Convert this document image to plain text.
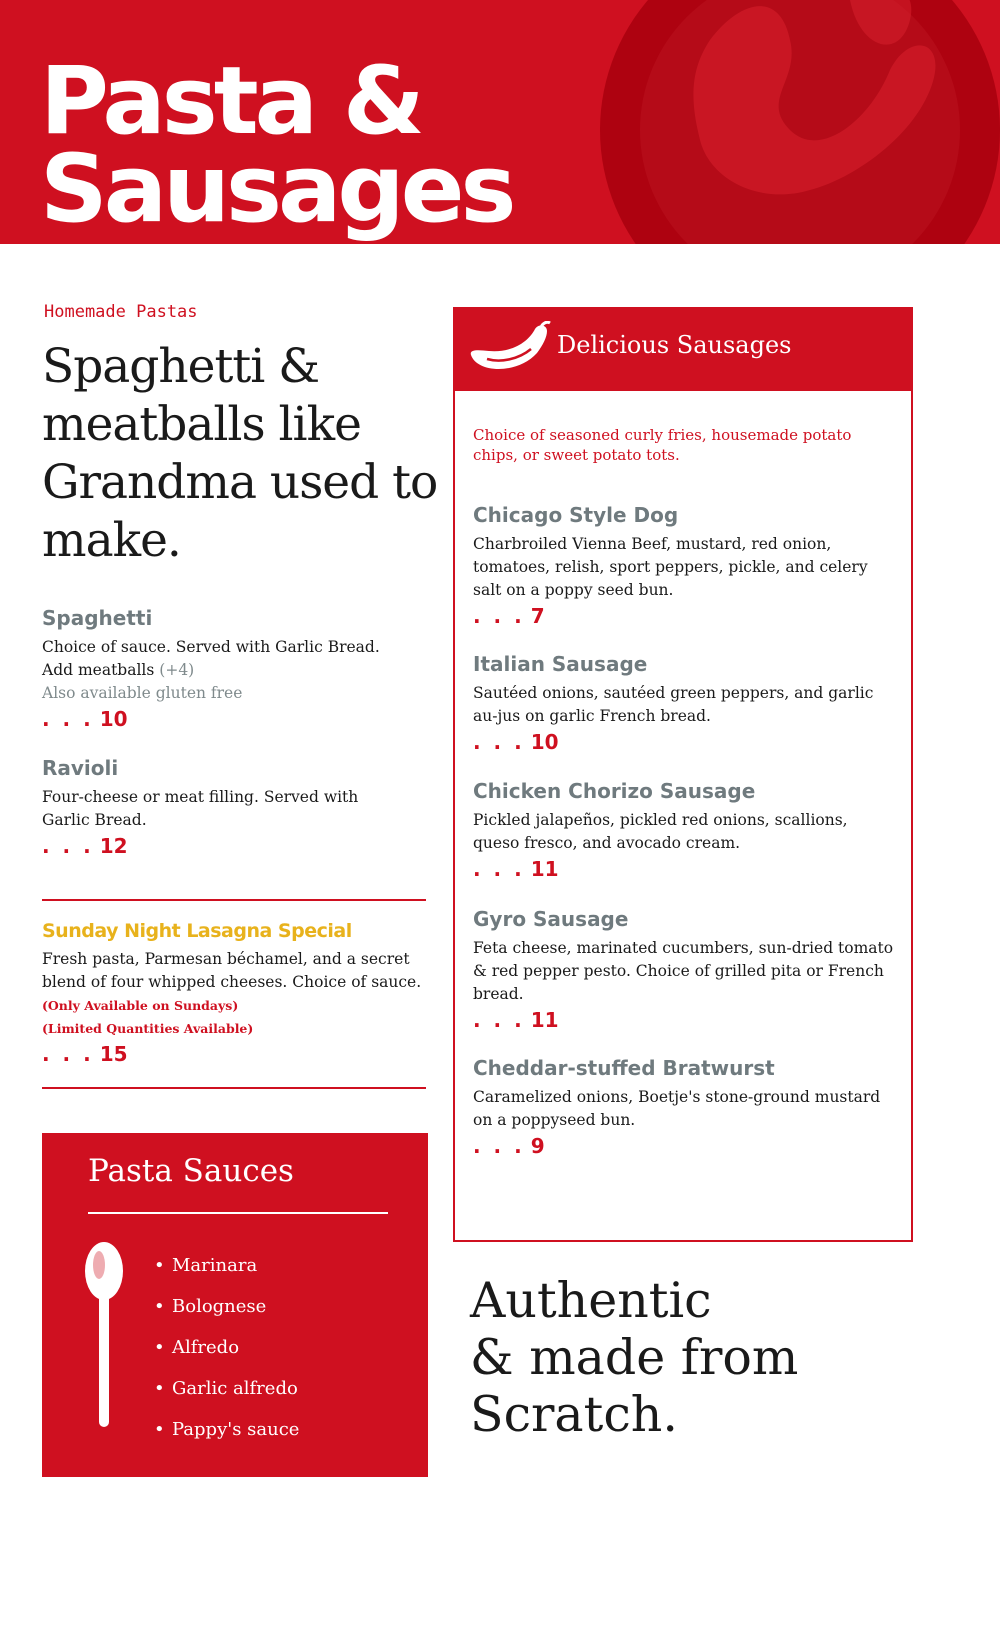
Pasta &
Sausages
Homemade Pastas
Spaghetti & meatballs like Grandma used to make.
Spaghetti
Choice of sauce. Served with Garlic Bread.
Add meatballs (+4)
Also available gluten free
. . . 10
Ravioli
Four-cheese or meat filling. Served with Garlic Bread.
. . . 12
Sunday Night Lasagna Special
Fresh pasta, Parmesan béchamel, and a secret blend of four whipped cheeses. Choice of sauce.
(Only Available on Sundays)
(Limited Quantities Available)
. . . 15
Pasta Sauces
• Marinara
• Bolognese
• Alfredo
• Garlic alfredo
• Pappy's sauce
Delicious Sausages
Choice of seasoned curly fries, housemade potato chips, or sweet potato tots.
Chicago Style Dog
Charbroiled Vienna Beef, mustard, red onion, tomatoes, relish, sport peppers, pickle, and celery salt on a poppy seed bun.
. . . 7
Italian Sausage
Sautéed onions, sautéed green peppers, and garlic au-jus on garlic French bread.
. . . 10
Chicken Chorizo Sausage
Pickled jalapeños, pickled red onions, scallions, queso fresco, and avocado cream.
. . . 11
Gyro Sausage
Feta cheese, marinated cucumbers, sun-dried tomato & red pepper pesto. Choice of grilled pita or French bread.
. . . 11
Cheddar-stuffed Bratwurst
Caramelized onions, Boetje's stone-ground mustard on a poppyseed bun.
. . . 9
Authentic
& made from
Scratch.
